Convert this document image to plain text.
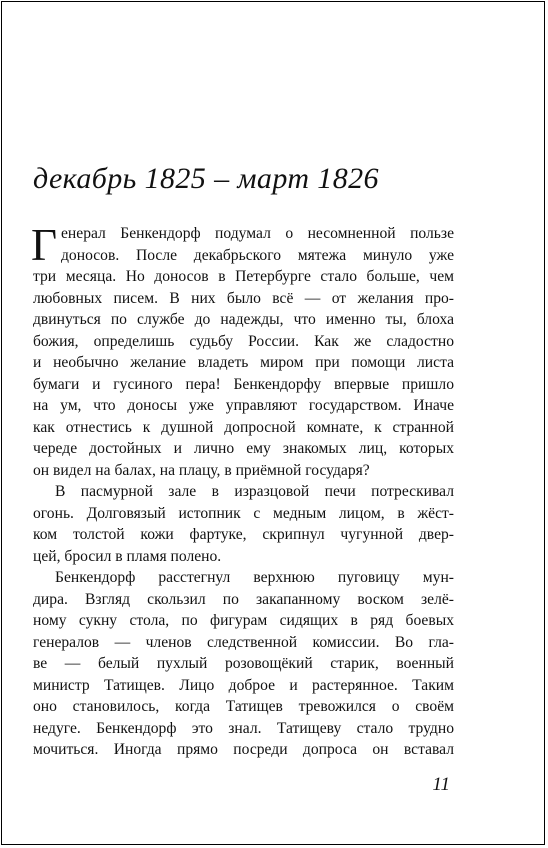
декабрь 1825 – март 1826
Г енерал Бенкендорф подумал о несомненной пользе
доносов. После декабрьского мятежа минуло уже
три месяца. Но доносов в Петербурге стало больше, чем
любовных писем. В них было всё — от желания про-
двинуться по службе до надежды, что именно ты, блоха
божия, определишь судьбу России. Как же сладостно
и необычно желание владеть миром при помощи листа
бумаги и гусиного пера! Бенкендорфу впервые пришло
на ум, что доносы уже управляют государством. Иначе
как отнестись к душной допросной комнате, к странной
череде достойных и лично ему знакомых лиц, которых
он видел на балах, на плацу, в приёмной государя?
В пасмурной зале в изразцовой печи потрескивал
огонь. Долговязый истопник с медным лицом, в жёст-
ком толстой кожи фартуке, скрипнул чугунной двер-
цей, бросил в пламя полено.
Бенкендорф расстегнул верхнюю пуговицу мун-
дира. Взгляд скользил по закапанному воском зелё-
ному сукну стола, по фигурам сидящих в ряд боевых
генералов — членов следственной комиссии. Во гла-
ве — белый пухлый розовощёкий старик, военный
министр Татищев. Лицо доброе и растерянное. Таким
оно становилось, когда Татищев тревожился о своём
недуге. Бенкендорф это знал. Татищеву стало трудно
мочиться. Иногда прямо посреди допроса он вставал
11
